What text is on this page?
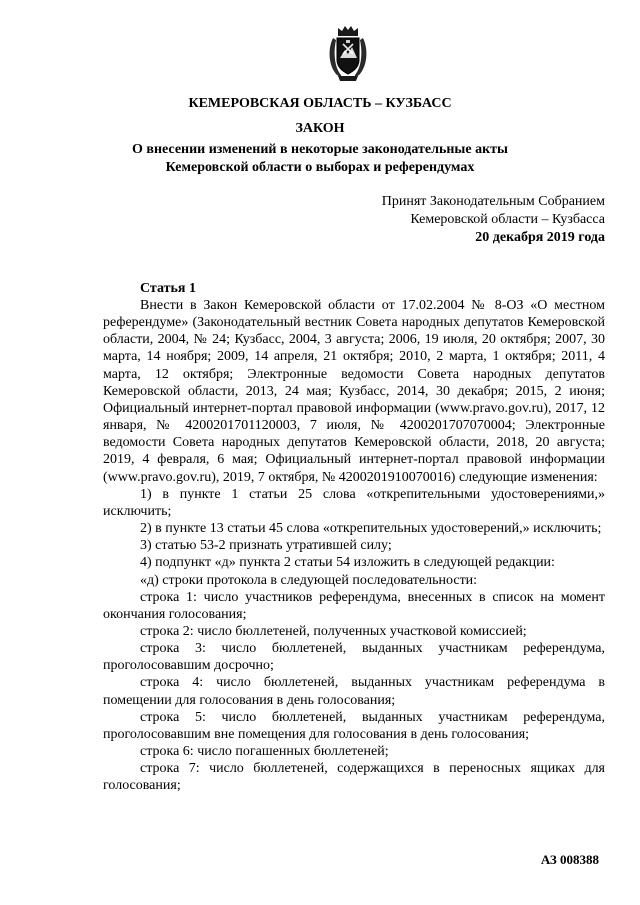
КЕМЕРОВСКАЯ ОБЛАСТЬ – КУЗБАСС
ЗАКОН
О внесении изменений в некоторые законодательные акты
Кемеровской области о выборах и референдумах
Принят Законодательным Собранием
Кемеровской области – Кузбасса
20 декабря 2019 года
Статья 1

Внести в Закон Кемеровской области от 17.02.2004 № 8-ОЗ «О местном референдуме» (Законодательный вестник Совета народных депутатов Кемеровской области, 2004, № 24; Кузбасс, 2004, 3 августа; 2006, 19 июля, 20 октября; 2007, 30 марта, 14 ноября; 2009, 14 апреля, 21 октября; 2010, 2 марта, 1 октября; 2011, 4 марта, 12 октября; Электронные ведомости Совета народных депутатов Кемеровской области, 2013, 24 мая; Кузбасс, 2014, 30 декабря; 2015, 2 июня; Официальный интернет-портал правовой информации (www.pravo.gov.ru), 2017, 12 января, № 4200201701120003, 7 июля, № 4200201707070004; Электронные ведомости Совета народных депутатов Кемеровской области, 2018, 20 августа; 2019, 4 февраля, 6 мая; Официальный интернет-портал правовой информации (www.pravo.gov.ru), 2019, 7 октября, № 4200201910070016) следующие изменения:

1) в пункте 1 статьи 25 слова «открепительными удостоверениями,» исключить;

2) в пункте 13 статьи 45 слова «открепительных удостоверений,» исключить;

3) статью 53-2 признать утратившей силу;

4) подпункт «д» пункта 2 статьи 54 изложить в следующей редакции:

«д) строки протокола в следующей последовательности:

строка 1: число участников референдума, внесенных в список на момент окончания голосования;

строка 2: число бюллетеней, полученных участковой комиссией;

строка 3: число бюллетеней, выданных участникам референдума, проголосовавшим досрочно;

строка 4: число бюллетеней, выданных участникам референдума в помещении для голосования в день голосования;

строка 5: число бюллетеней, выданных участникам референдума, проголосовавшим вне помещения для голосования в день голосования;

строка 6: число погашенных бюллетеней;

строка 7: число бюллетеней, содержащихся в переносных ящиках для голосования;

АЗ 008388
